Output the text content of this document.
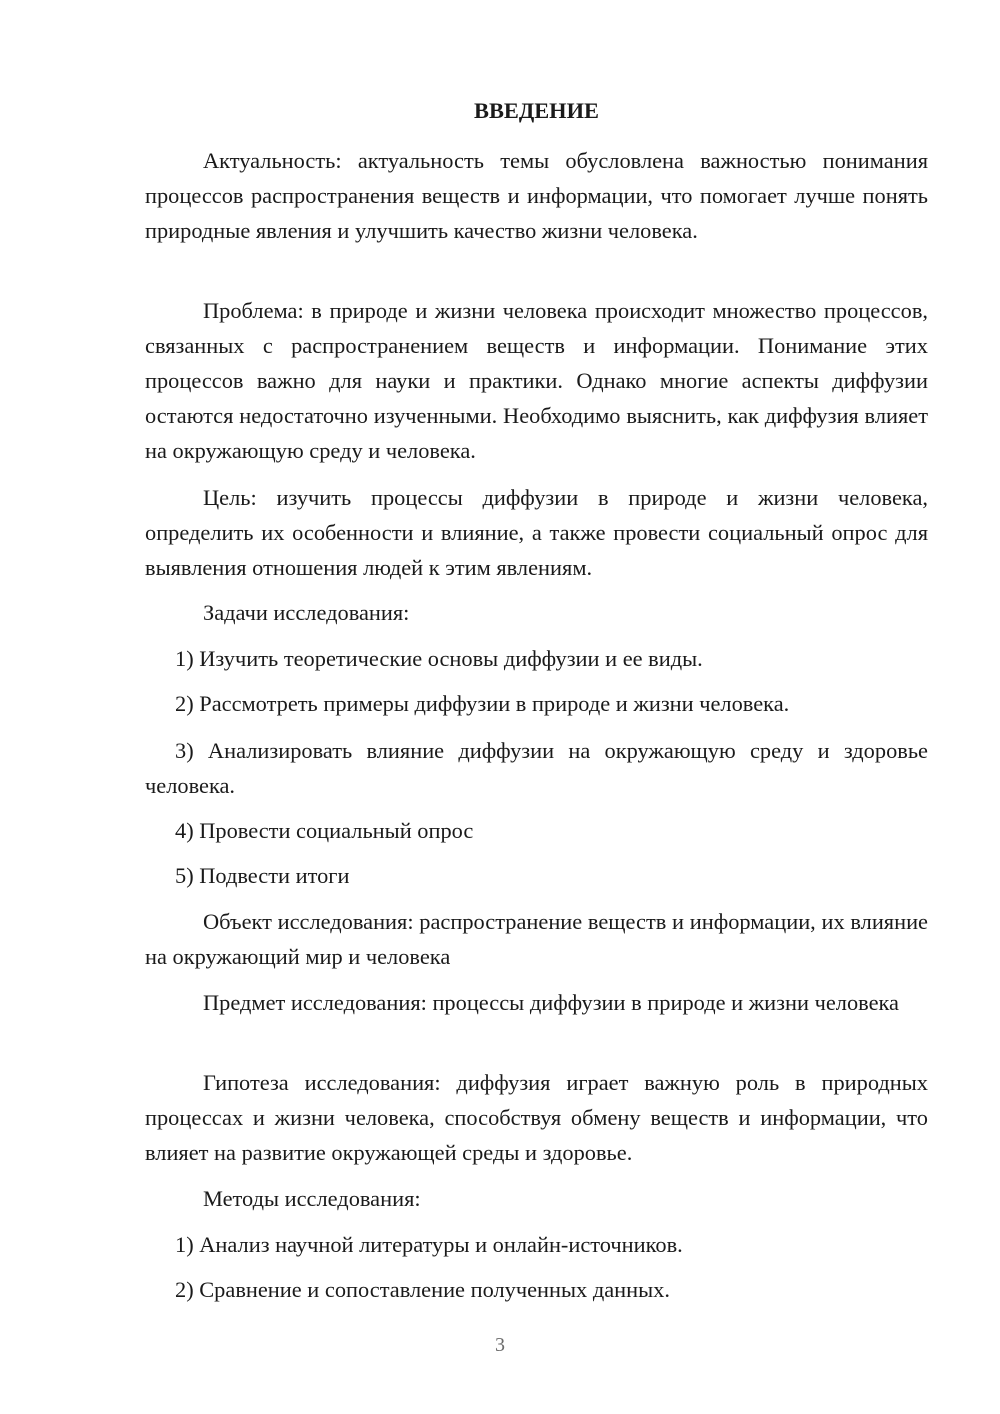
ВВЕДЕНИЕ

Актуальность: актуальность темы обусловлена важностью понимания процессов распространения веществ и информации, что помогает лучше понять природные явления и улучшить качество жизни человека.

Проблема: в природе и жизни человека происходит множество процессов, связанных с распространением веществ и информации. Понимание этих процессов важно для науки и практики. Однако многие аспекты диффузии остаются недостаточно изученными. Необходимо выяснить, как диффузия влияет на окружающую среду и человека.

Цель: изучить процессы диффузии в природе и жизни человека, определить их особенности и влияние, а также провести социальный опрос для выявления отношения людей к этим явлениям.

Задачи исследования:

1) Изучить теоретические основы диффузии и ее виды.

2) Рассмотреть примеры диффузии в природе и жизни человека.

3) Анализировать влияние диффузии на окружающую среду и здоровье человека.

4) Провести социальный опрос

5) Подвести итоги

Объект исследования: распространение веществ и информации, их влияние на окружающий мир и человека

Предмет исследования: процессы диффузии в природе и жизни человека

Гипотеза исследования: диффузия играет важную роль в природных процессах и жизни человека, способствуя обмену веществ и информации, что влияет на развитие окружающей среды и здоровье.

Методы исследования:

1) Анализ научной литературы и онлайн-источников.

2) Сравнение и сопоставление полученных данных.

3
